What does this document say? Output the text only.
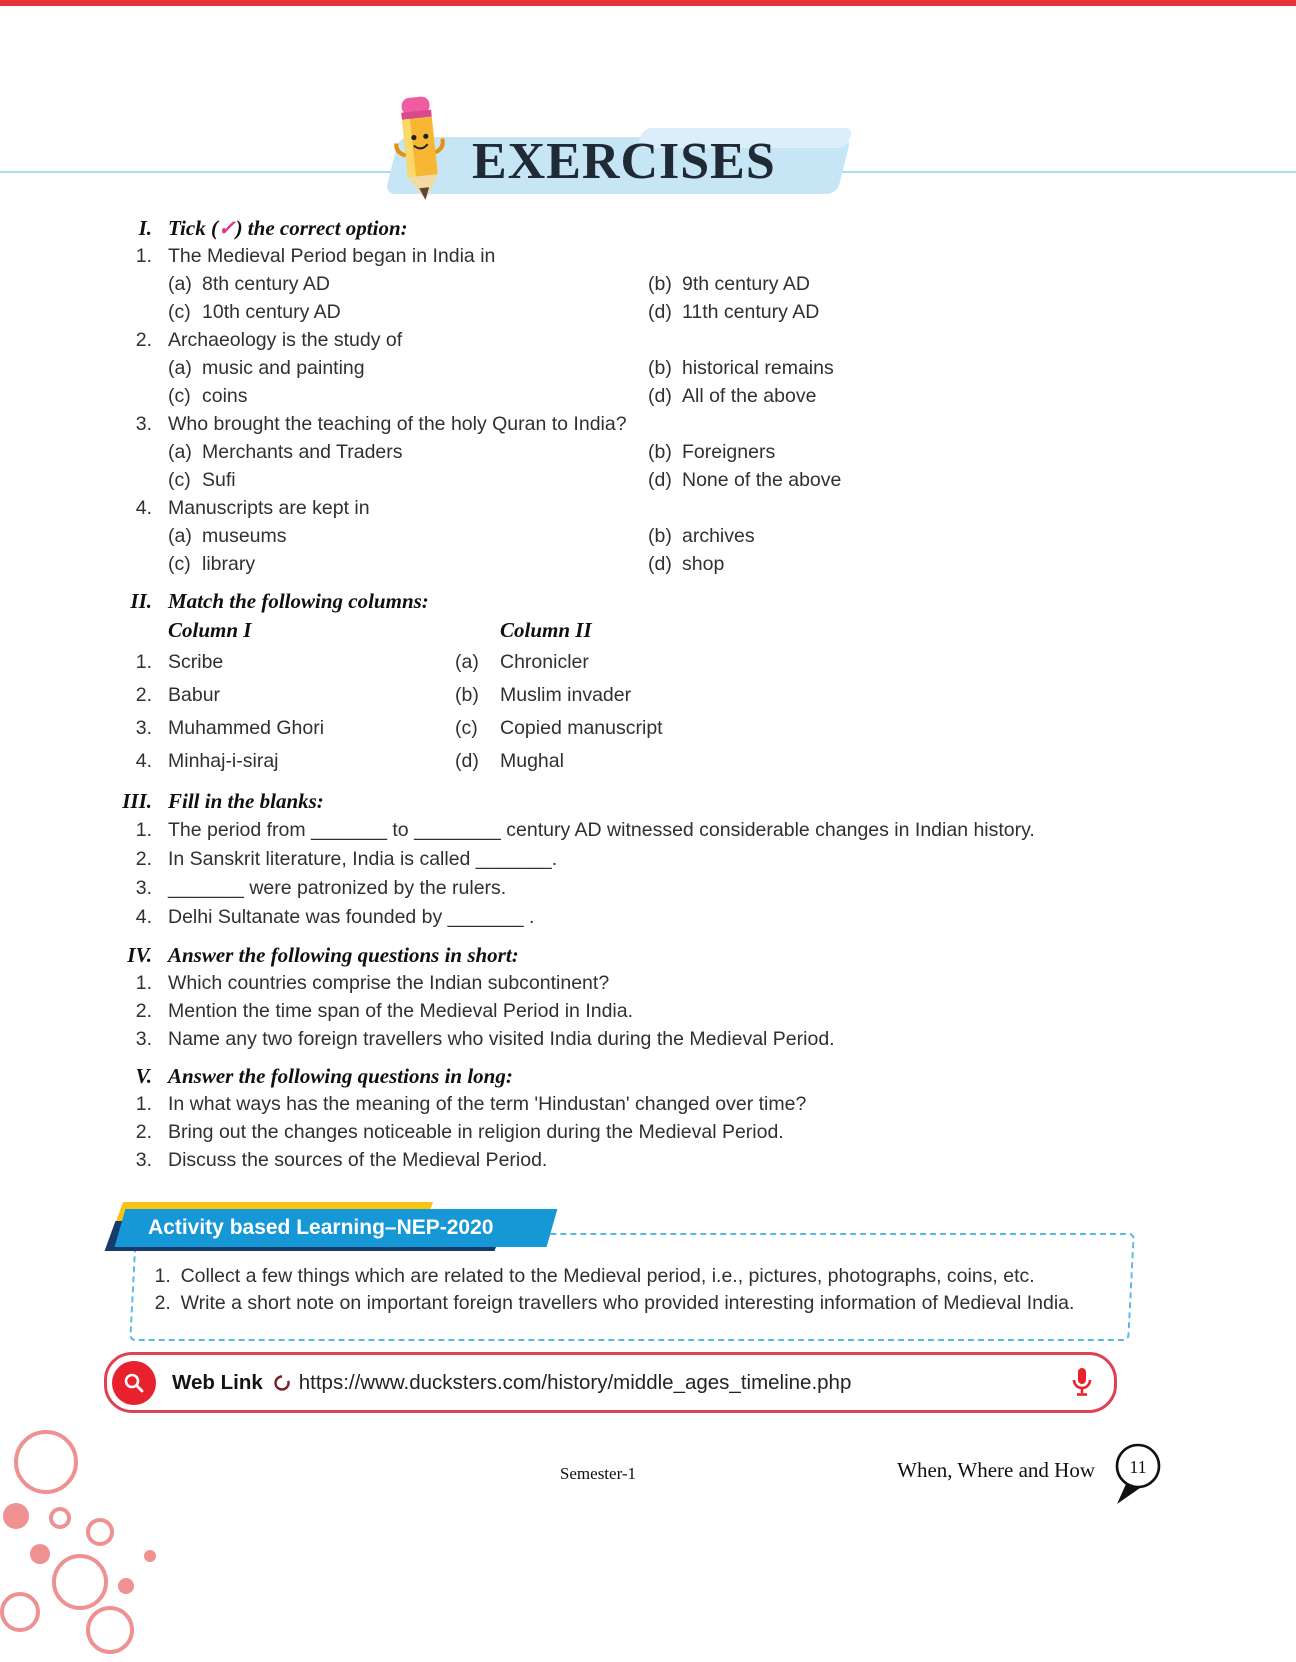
EXERCISES
I. Tick (✓) the correct option:
1. The Medieval Period began in India in
(a) 8th century AD	(b) 9th century AD
(c) 10th century AD	(d) 11th century AD
2. Archaeology is the study of
(a) music and painting	(b) historical remains
(c) coins	(d) All of the above
3. Who brought the teaching of the holy Quran to India?
(a) Merchants and Traders	(b) Foreigners
(c) Sufi	(d) None of the above
4. Manuscripts are kept in
(a) museums	(b) archives
(c) library	(d) shop
II. Match the following columns:
Column I	Column II
1. Scribe	(a)	Chronicler
2. Babur	(b)	Muslim invader
3. Muhammed Ghori	(c)	Copied manuscript
4. Minhaj-i-siraj	(d)	Mughal
III. Fill in the blanks:
1. The period from _______ to ________ century AD witnessed considerable changes in Indian history.
2. In Sanskrit literature, India is called _______.
3. _______ were patronized by the rulers.
4. Delhi Sultanate was founded by _______ .
IV. Answer the following questions in short:
1. Which countries comprise the Indian subcontinent?
2. Mention the time span of the Medieval Period in India.
3. Name any two foreign travellers who visited India during the Medieval Period.
V. Answer the following questions in long:
1. In what ways has the meaning of the term 'Hindustan' changed over time?
2. Bring out the changes noticeable in religion during the Medieval Period.
3. Discuss the sources of the Medieval Period.
1. Collect a few things which are related to the Medieval period, i.e., pictures, photographs, coins, etc.
2. Write a short note on important foreign travellers who provided interesting information of Medieval India.
Activity based Learning–NEP-2020
Web Link https://www.ducksters.com/history/middle_ages_timeline.php
Semester-1	When, Where and How 11
